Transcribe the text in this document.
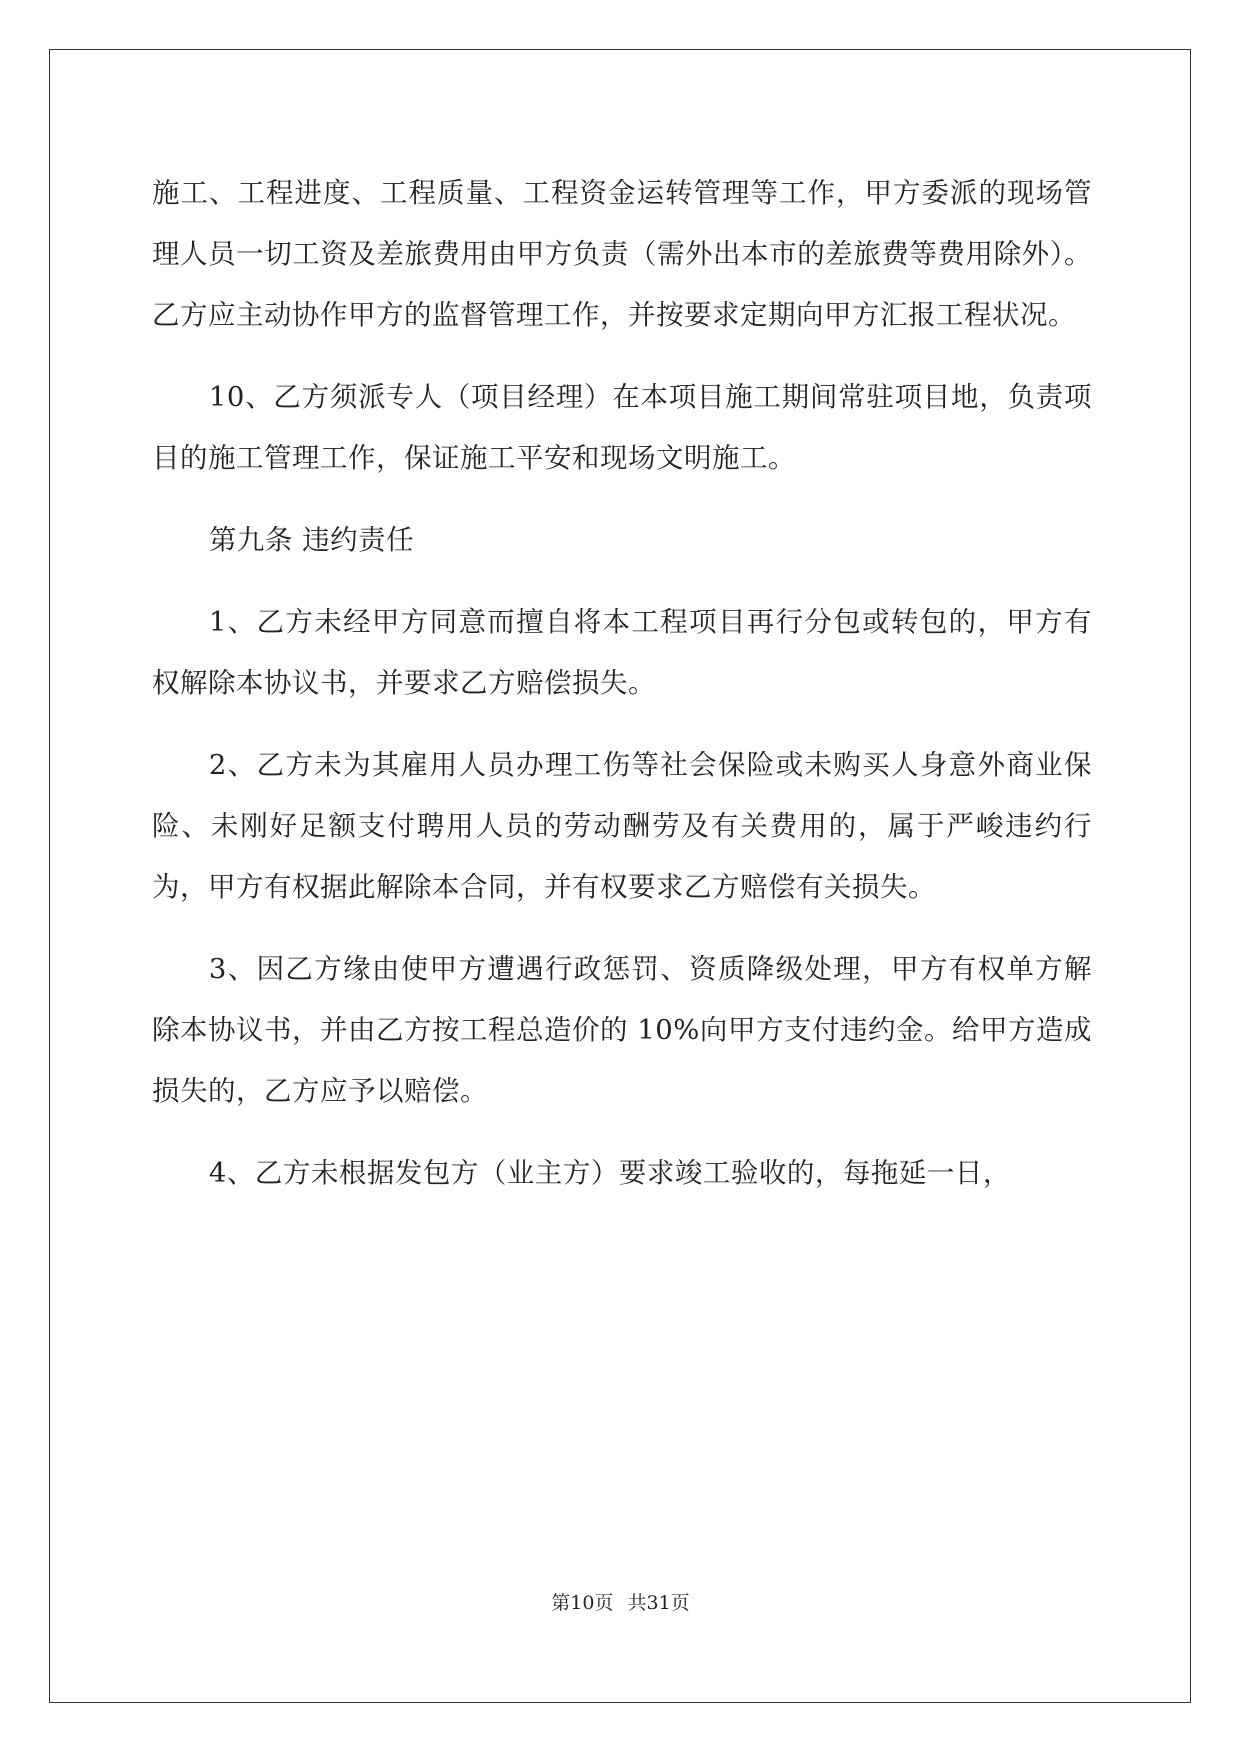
施工、工程进度、工程质量、工程资金运转管理等工作，甲方委派的现场管理人员一切工资及差旅费用由甲方负责（需外出本市的差旅费等费用除外）。乙方应主动协作甲方的监督管理工作，并按要求定期向甲方汇报工程状况。

10、乙方须派专人（项目经理）在本项目施工期间常驻项目地，负责项目的施工管理工作，保证施工平安和现场文明施工。

第九条 违约责任

1、乙方未经甲方同意而擅自将本工程项目再行分包或转包的，甲方有权解除本协议书，并要求乙方赔偿损失。

2、乙方未为其雇用人员办理工伤等社会保险或未购买人身意外商业保险、未刚好足额支付聘用人员的劳动酬劳及有关费用的，属于严峻违约行为，甲方有权据此解除本合同，并有权要求乙方赔偿有关损失。

3、因乙方缘由使甲方遭遇行政惩罚、资质降级处理，甲方有权单方解除本协议书，并由乙方按工程总造价的 10%向甲方支付违约金。给甲方造成损失的，乙方应予以赔偿。

4、乙方未根据发包方（业主方）要求竣工验收的，每拖延一日，

第10页 共31页
